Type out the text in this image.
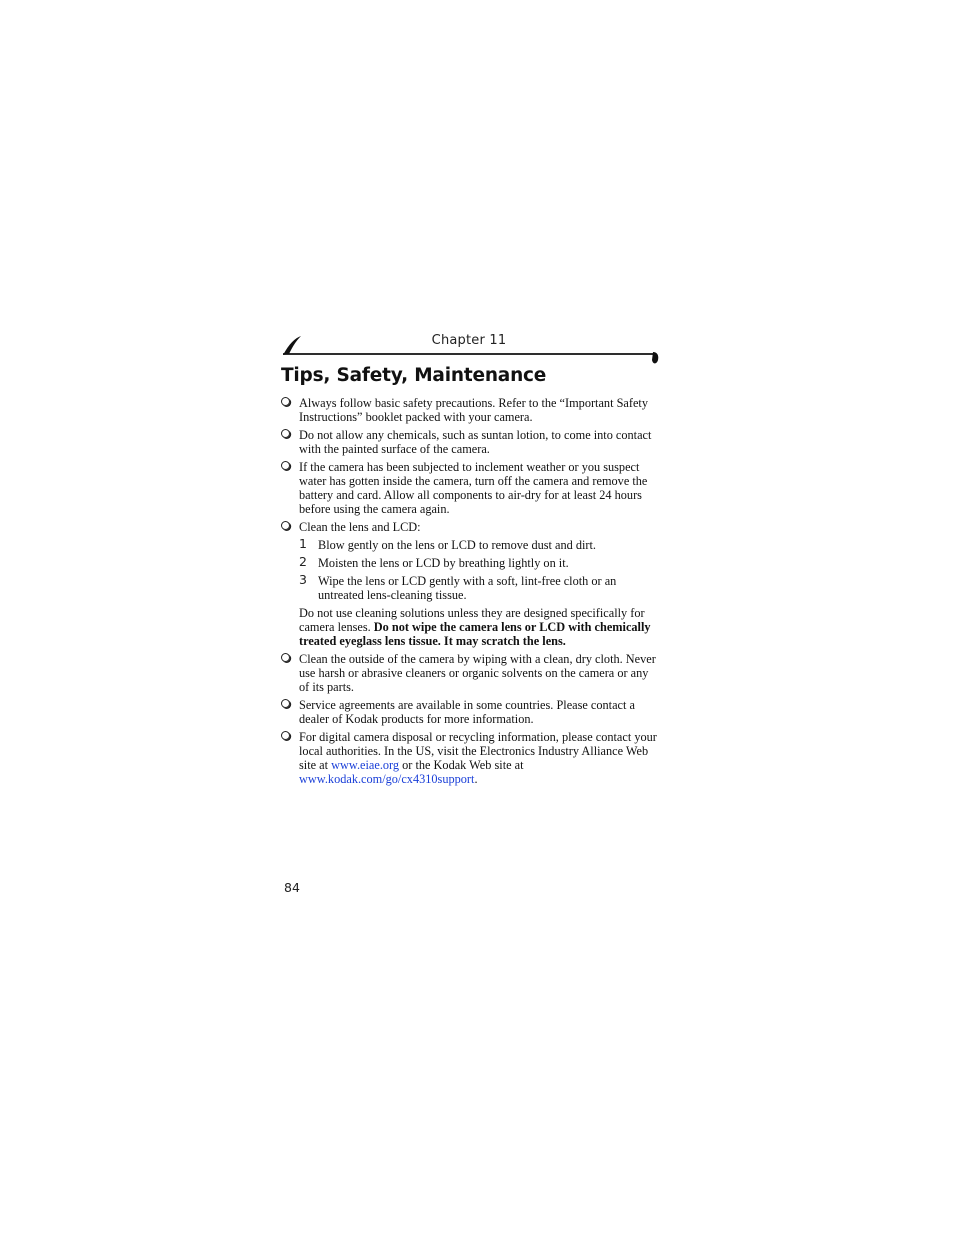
Chapter 11
Tips, Safety, Maintenance
Always follow basic safety precautions. Refer to the “Important Safety Instructions” booklet packed with your camera.
Do not allow any chemicals, such as suntan lotion, to come into contact with the painted surface of the camera.
If the camera has been subjected to inclement weather or you suspect water has gotten inside the camera, turn off the camera and remove the battery and card. Allow all components to air-dry for at least 24 hours before using the camera again.
Clean the lens and LCD:
1 Blow gently on the lens or LCD to remove dust and dirt.
2 Moisten the lens or LCD by breathing lightly on it.
3 Wipe the lens or LCD gently with a soft, lint-free cloth or an untreated lens-cleaning tissue.

Do not use cleaning solutions unless they are designed specifically for camera lenses. Do not wipe the camera lens or LCD with chemically treated eyeglass lens tissue. It may scratch the lens.

Clean the outside of the camera by wiping with a clean, dry cloth. Never use harsh or abrasive cleaners or organic solvents on the camera or any of its parts.
Service agreements are available in some countries. Please contact a dealer of Kodak products for more information.
For digital camera disposal or recycling information, please contact your local authorities. In the US, visit the Electronics Industry Alliance Web site at www.eiae.org or the Kodak Web site at
www.kodak.com/go/cx4310support.
84
